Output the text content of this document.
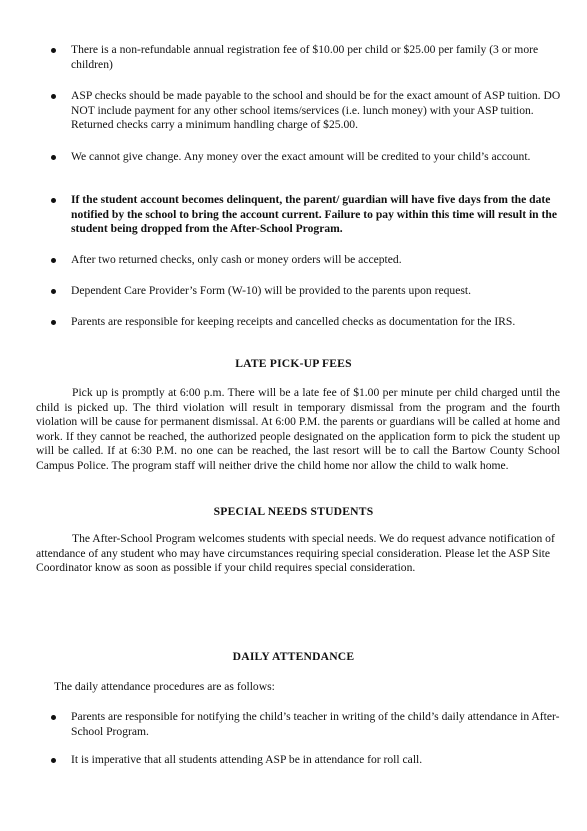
There is a non-refundable annual registration fee of $10.00 per child or $25.00 per family (3 or more children)
ASP checks should be made payable to the school and should be for the exact amount of ASP tuition. DO NOT include payment for any other school items/services (i.e. lunch money) with your ASP tuition. Returned checks carry a minimum handling charge of $25.00.
We cannot give change. Any money over the exact amount will be credited to your child’s account.
If the student account becomes delinquent, the parent/ guardian will have five days from the date notified by the school to bring the account current. Failure to pay within this time will result in the student being dropped from the After-School Program.
After two returned checks, only cash or money orders will be accepted.
Dependent Care Provider’s Form (W-10) will be provided to the parents upon request.
Parents are responsible for keeping receipts and cancelled checks as documentation for the IRS.
LATE PICK-UP FEES
Pick up is promptly at 6:00 p.m. There will be a late fee of $1.00 per minute per child charged until the child is picked up. The third violation will result in temporary dismissal from the program and the fourth violation will be cause for permanent dismissal. At 6:00 P.M. the parents or guardians will be called at home and work. If they cannot be reached, the authorized people designated on the application form to pick the student up will be called. If at 6:30 P.M. no one can be reached, the last resort will be to call the Bartow County School Campus Police. The program staff will neither drive the child home nor allow the child to walk home.
SPECIAL NEEDS STUDENTS
The After-School Program welcomes students with special needs. We do request advance notification of attendance of any student who may have circumstances requiring special consideration. Please let the ASP Site Coordinator know as soon as possible if your child requires special consideration.
DAILY ATTENDANCE
The daily attendance procedures are as follows:
Parents are responsible for notifying the child’s teacher in writing of the child’s daily attendance in After-School Program.
It is imperative that all students attending ASP be in attendance for roll call.
